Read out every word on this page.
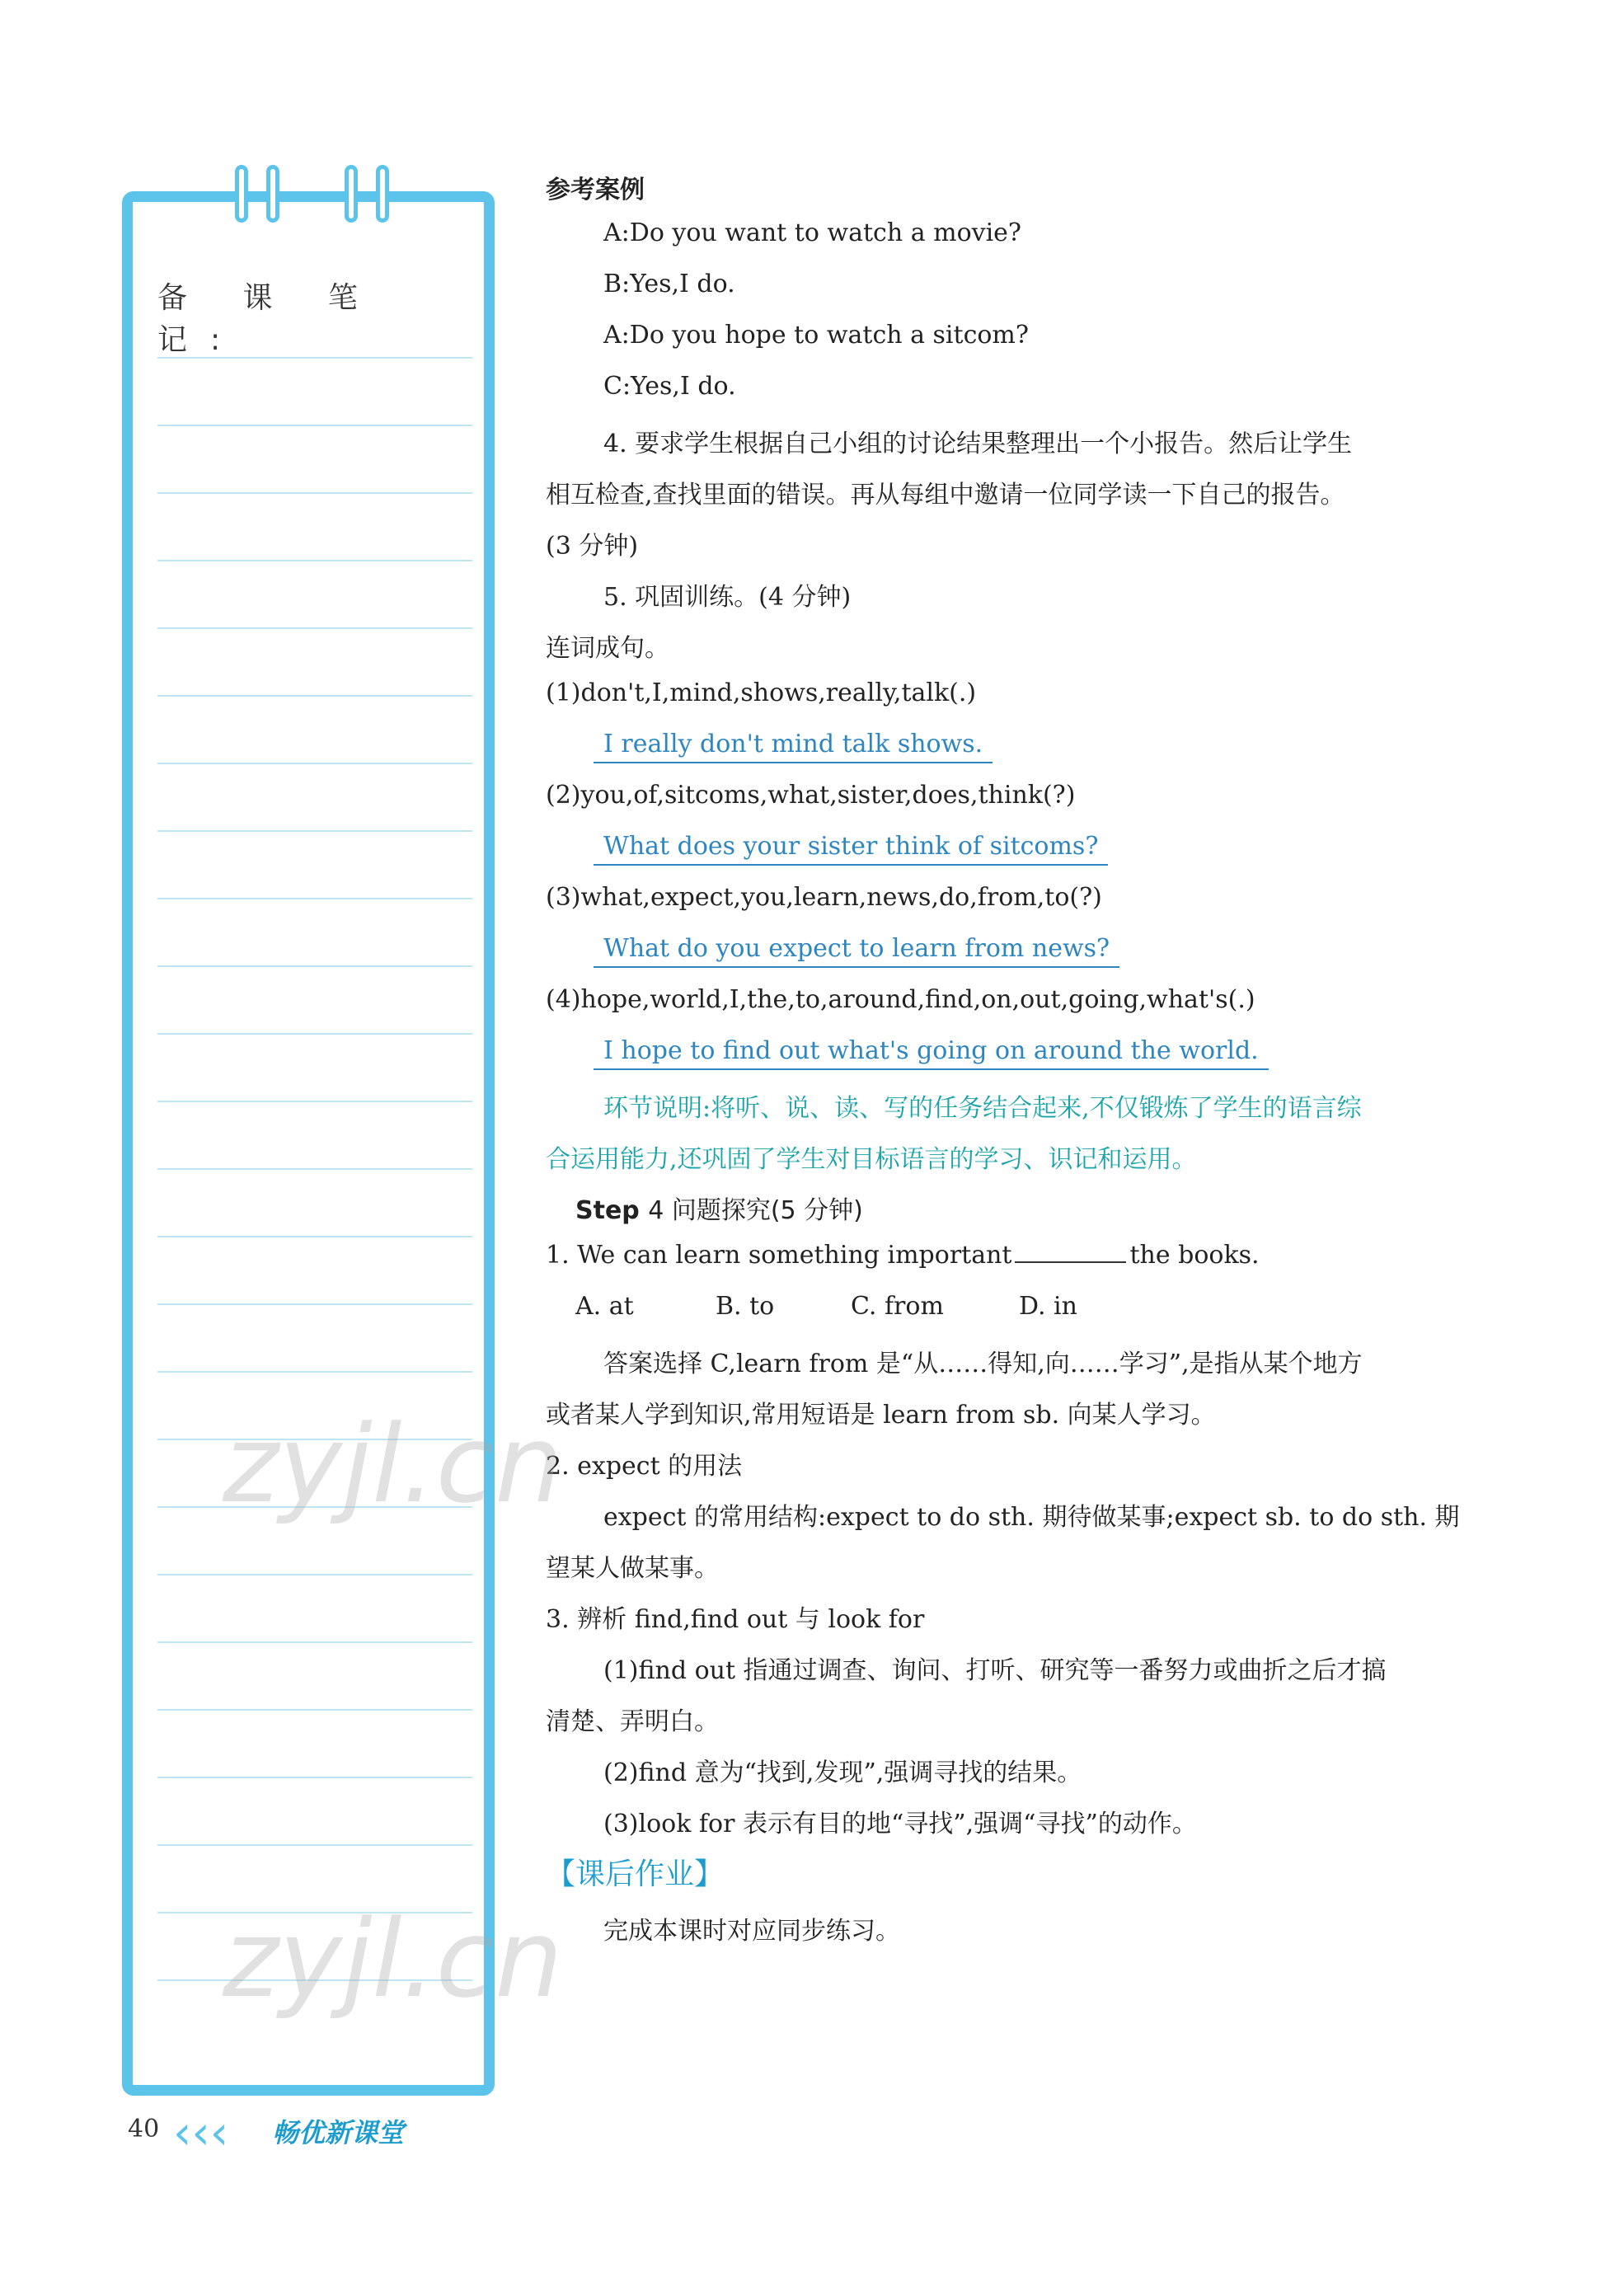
备 课 笔 记:
参考案例
A:Do you want to watch a movie?
B:Yes,I do.
A:Do you hope to watch a sitcom?
C:Yes,I do.
4. 要求学生根据自己小组的讨论结果整理出一个小报告。然后让学生
相互检查,查找里面的错误。再从每组中邀请一位同学读一下自己的报告。
(3 分钟)
5. 巩固训练。(4 分钟)
连词成句。
(1)don't,I,mind,shows,really,talk(.)
I really don't mind talk shows.
(2)you,of,sitcoms,what,sister,does,think(?)
What does your sister think of sitcoms?
(3)what,expect,you,learn,news,do,from,to(?)
What do you expect to learn from news?
(4)hope,world,I,the,to,around,find,on,out,going,what's(.)
I hope to find out what's going on around the world.
环节说明:将听、说、读、写的任务结合起来,不仅锻炼了学生的语言综
合运用能力,还巩固了学生对目标语言的学习、识记和运用。
Step 4 问题探究(5 分钟)
1. We can learn something important	the books.
A. at	B. to	C. from	D. in
答案选择 C,learn from 是“从……得知,向……学习”,是指从某个地方
或者某人学到知识,常用短语是 learn from sb. 向某人学习。
2. expect 的用法
expect 的常用结构:expect to do sth. 期待做某事;expect sb. to do sth. 期
望某人做某事。
3. 辨析 find,find out 与 look for
(1)find out 指通过调查、询问、打听、研究等一番努力或曲折之后才搞
清楚、弄明白。
(2)find 意为“找到,发现”,强调寻找的结果。
(3)look for 表示有目的地“寻找”,强调“寻找”的动作。
【课后作业】
完成本课时对应同步练习。
zyjl.cn
zyjl.cn
40 ‹‹‹ 畅优新课堂
